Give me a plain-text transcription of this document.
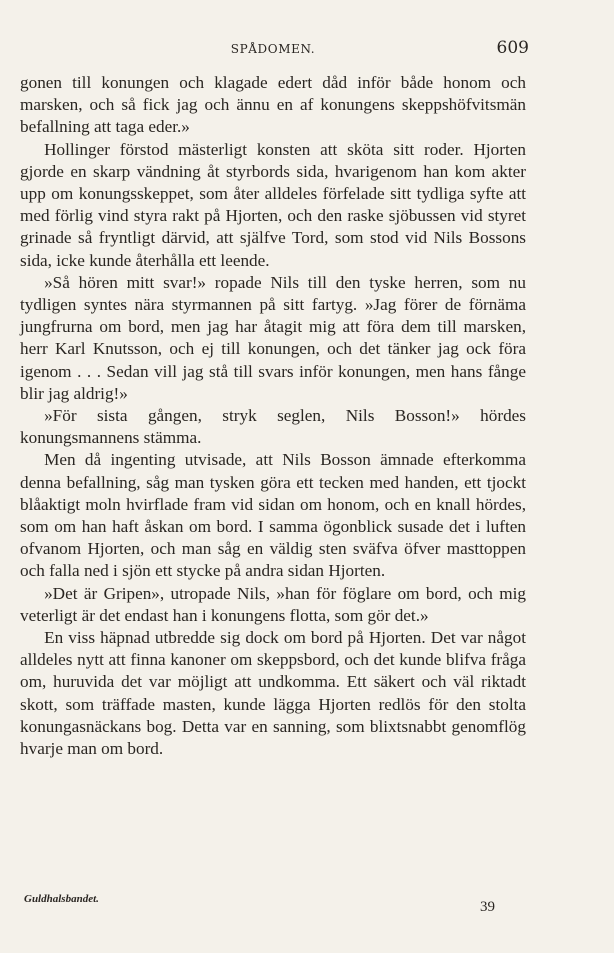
SPÅDOMEN.	609

gonen till konungen och klagade edert dåd inför både honom och marsken, och så fick jag och ännu en af konungens skeppshöfvitsmän befallning att taga eder.»

Hollinger förstod mästerligt konsten att sköta sitt roder. Hjorten gjorde en skarp vändning åt styrbords sida, hvarigenom han kom akter upp om konungsskeppet, som åter alldeles förfelade sitt tydliga syfte att med förlig vind styra rakt på Hjorten, och den raske sjöbussen vid styret grinade så fryntligt därvid, att själfve Tord, som stod vid Nils Bossons sida, icke kunde återhålla ett leende.

»Så hören mitt svar!» ropade Nils till den tyske herren, som nu tydligen syntes nära styrmannen på sitt fartyg. »Jag förer de förnäma jungfrurna om bord, men jag har åtagit mig att föra dem till marsken, herr Karl Knutsson, och ej till konungen, och det tänker jag ock föra igenom . . . Sedan vill jag stå till svars inför konungen, men hans fånge blir jag aldrig!»

»För sista gången, stryk seglen, Nils Bosson!» hördes konungsmannens stämma.

Men då ingenting utvisade, att Nils Bosson ämnade efterkomma denna befallning, såg man tysken göra ett tecken med handen, ett tjockt blåaktigt moln hvirflade fram vid sidan om honom, och en knall hördes, som om han haft åskan om bord. I samma ögonblick susade det i luften ofvanom Hjorten, och man såg en väldig sten sväfva öfver masttoppen och falla ned i sjön ett stycke på andra sidan Hjorten.

»Det är Gripen», utropade Nils, »han för föglare om bord, och mig veterligt är det endast han i konungens flotta, som gör det.»

En viss häpnad utbredde sig dock om bord på Hjorten. Det var något alldeles nytt att finna kanoner om skeppsbord, och det kunde blifva fråga om, huruvida det var möjligt att undkomma. Ett säkert och väl riktadt skott, som träffade masten, kunde lägga Hjorten redlös för den stolta konungasnäckans bog. Detta var en sanning, som blixtsnabbt genomflög hvarje man om bord.

Guldhalsbandet.	39
